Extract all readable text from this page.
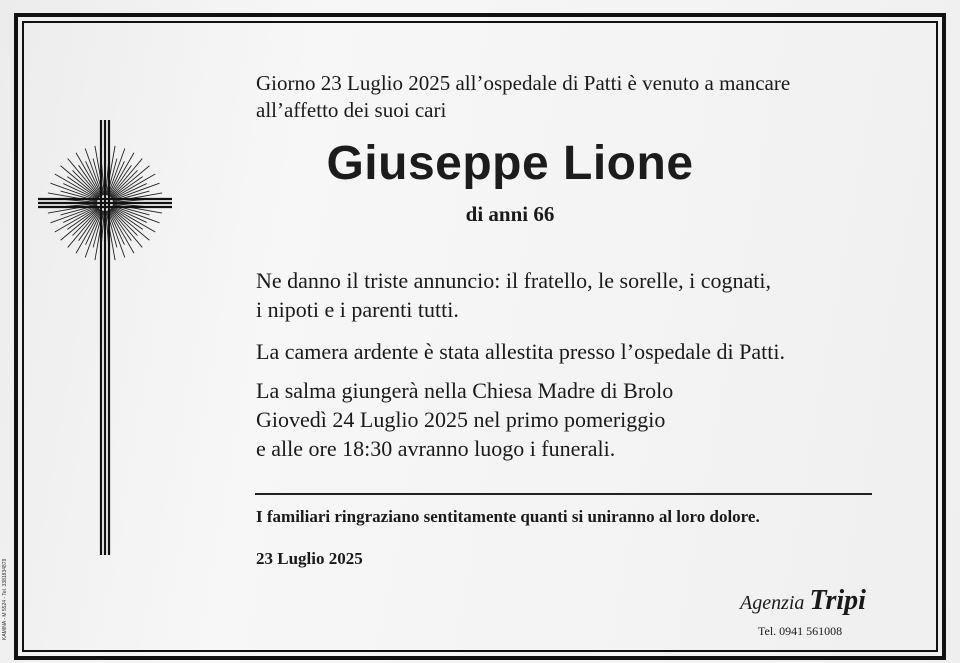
Giorno 23 Luglio 2025 all’ospedale di Patti è venuto a mancare
all’affetto dei suoi cari
Giuseppe Lione
di anni 66
Ne danno il triste annuncio: il fratello, le sorelle, i cognati,
i nipoti e i parenti tutti.
La camera ardente è stata allestita presso l’ospedale di Patti.
La salma giungerà nella Chiesa Madre di Brolo
Giovedì 24 Luglio 2025 nel primo pomeriggio
e alle ore 18:30 avranno luogo i funerali.
I familiari ringraziano sentitamente quanti si uniranno al loro dolore.
23 Luglio 2025
Agenzia Tripi
Tel. 0941 561008
KAMINA - M 5524 - Tel. 3381834879
